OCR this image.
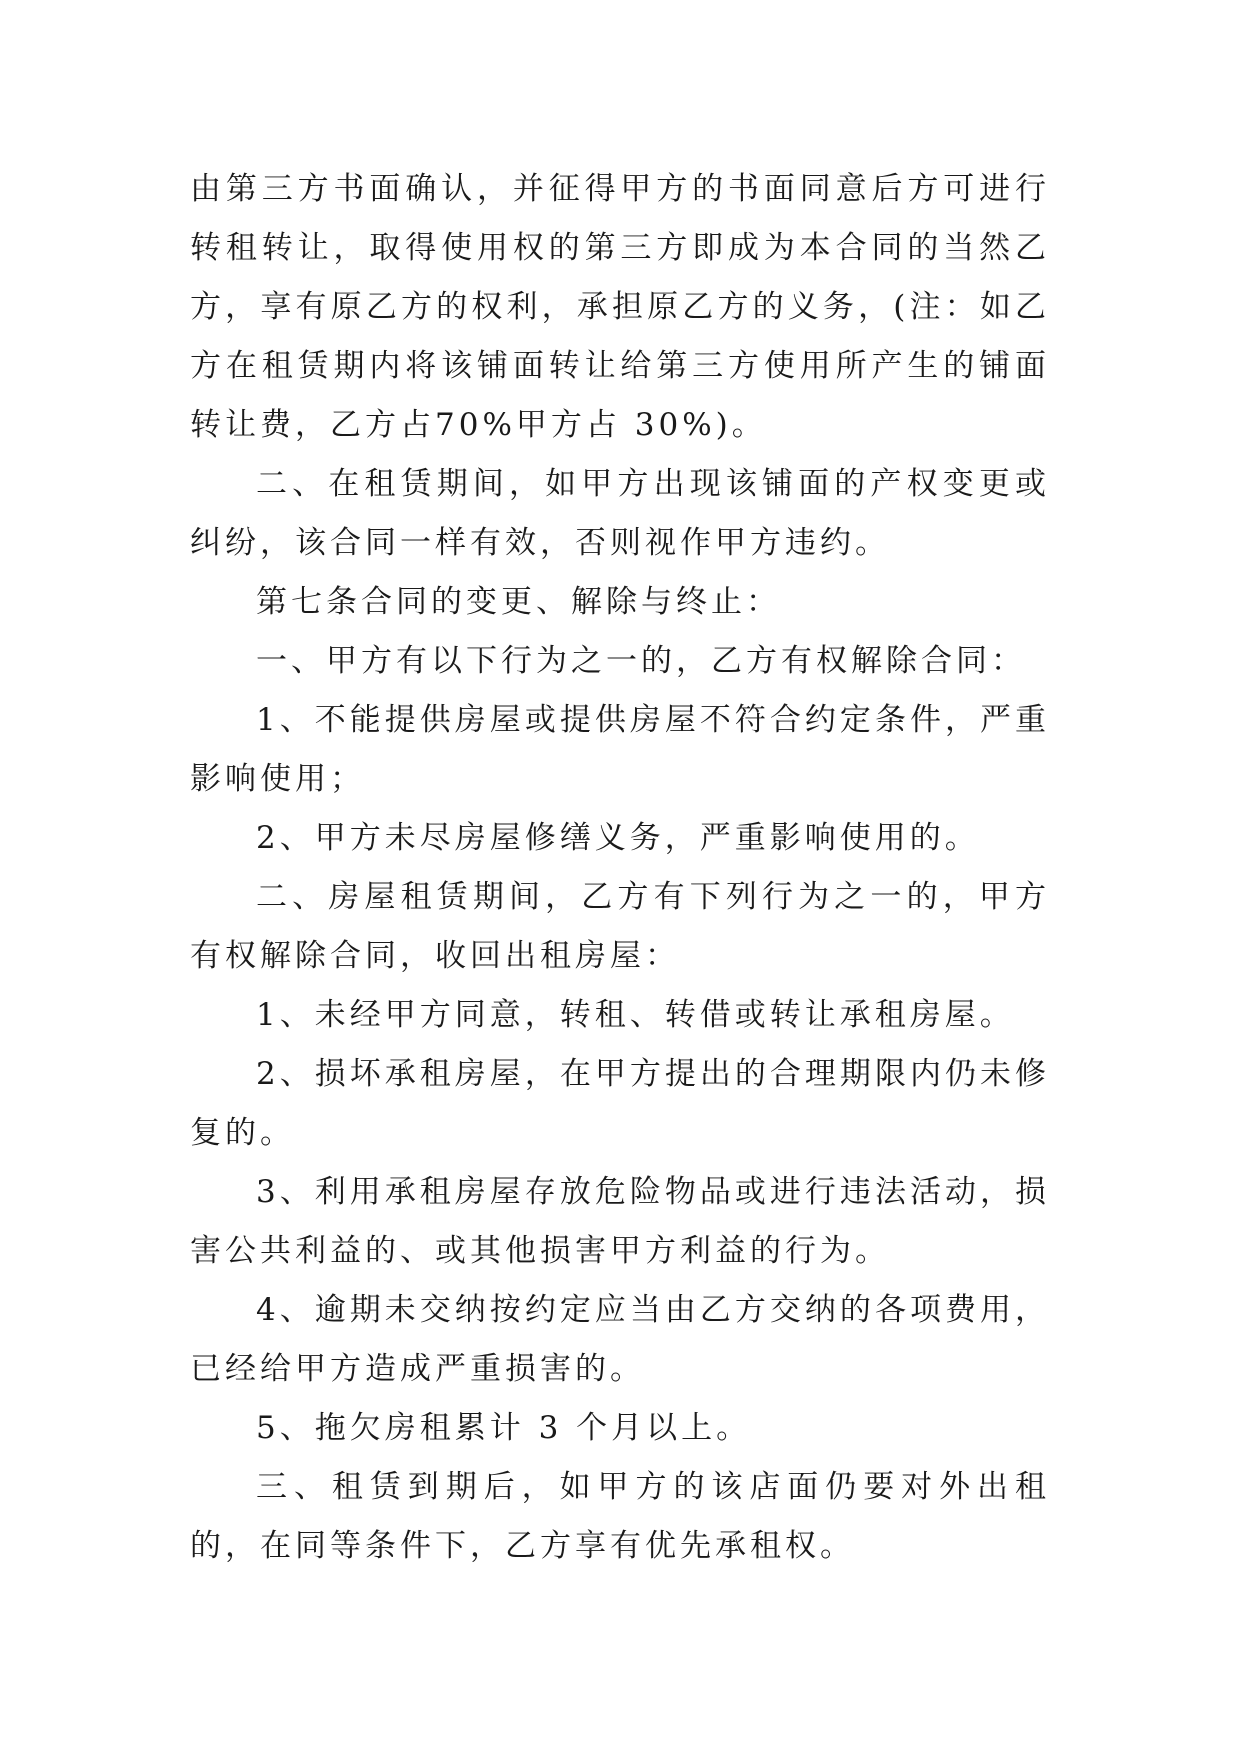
由第三方书面确认，并征得甲方的书面同意后方可进行转租转让，取得使用权的第三方即成为本合同的当然乙方，享有原乙方的权利，承担原乙方的义务，(注：如乙方在租赁期内将该铺面转让给第三方使用所产生的铺面转让费，乙方占70%甲方占 30%)。

二、在租赁期间，如甲方出现该铺面的产权变更或纠纷，该合同一样有效，否则视作甲方违约。

第七条合同的变更、解除与终止：

一、甲方有以下行为之一的，乙方有权解除合同：

1、不能提供房屋或提供房屋不符合约定条件，严重影响使用；

2、甲方未尽房屋修缮义务，严重影响使用的。

二、房屋租赁期间，乙方有下列行为之一的，甲方有权解除合同，收回出租房屋：

1、未经甲方同意，转租、转借或转让承租房屋。

2、损坏承租房屋，在甲方提出的合理期限内仍未修复的。

3、利用承租房屋存放危险物品或进行违法活动，损害公共利益的、或其他损害甲方利益的行为。

4、逾期未交纳按约定应当由乙方交纳的各项费用，已经给甲方造成严重损害的。

5、拖欠房租累计 3 个月以上。

三、租赁到期后，如甲方的该店面仍要对外出租的，在同等条件下，乙方享有优先承租权。
